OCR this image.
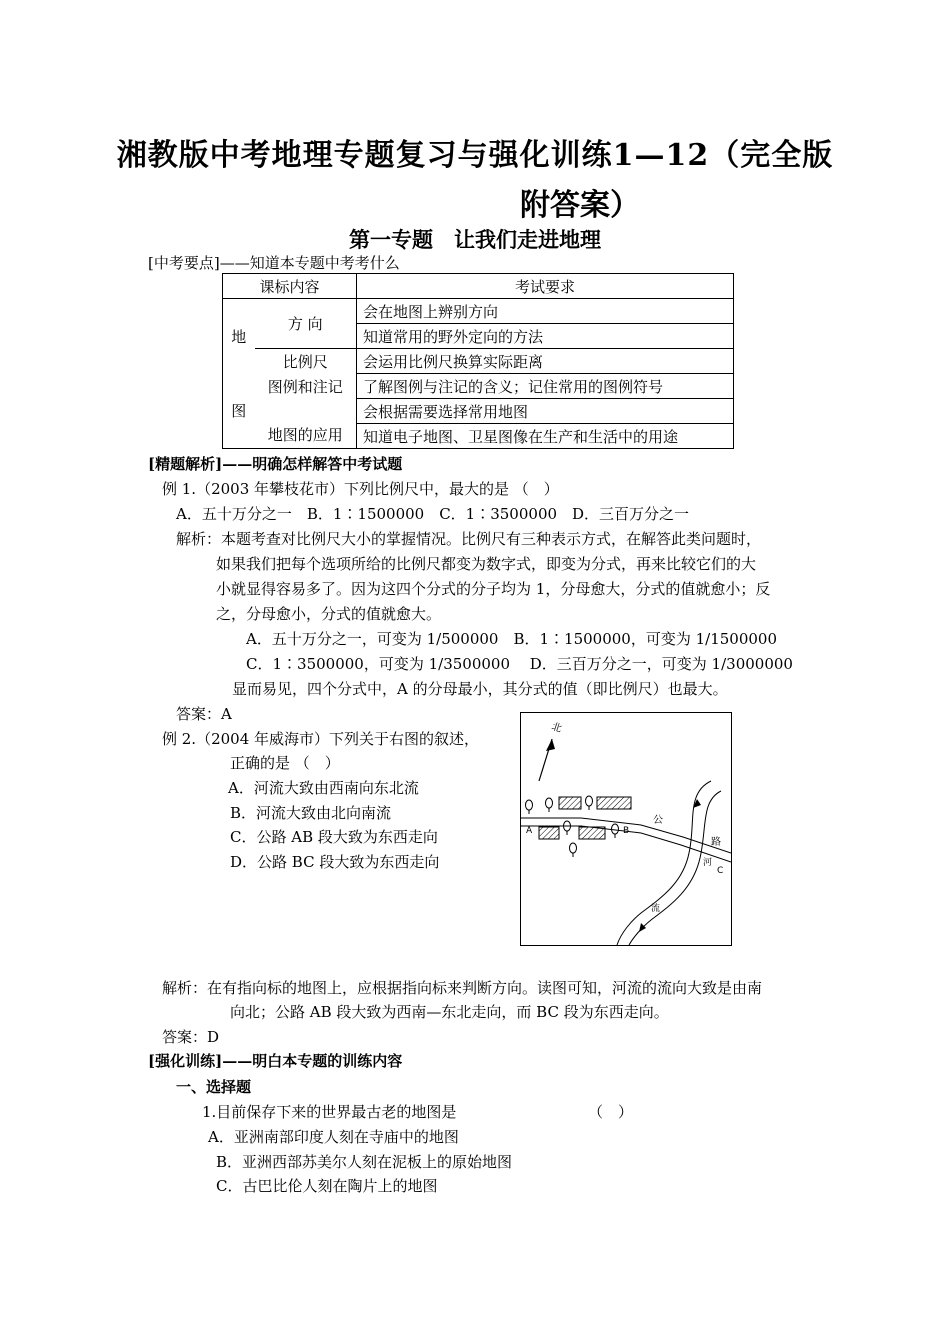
湘教版中考地理专题复习与强化训练1—12（完全版
附答案）
第一专题　让我们走进地理
[中考要点]——知道本专题中考考什么
课标内容		考试要求

地
图	方 向	会在地图上辨别方向
		知道常用的野外定向的方法
	比例尺	会运用比例尺换算实际距离
	图例和注记	了解图例与注记的含义；记住常用的图例符号
	地图的应用	会根据需要选择常用地图
		知道电子地图、卫星图像在生产和生活中的用途
[精题解析]——明确怎样解答中考试题
例 1.（2003 年攀枝花市）下列比例尺中，最大的是 （　）
A．五十万分之一　B．1∶1500000　C．1∶3500000　D．三百万分之一
解析：本题考查对比例尺大小的掌握情况。比例尺有三种表示方式，在解答此类问题时，
如果我们把每个选项所给的比例尺都变为数字式，即变为分式，再来比较它们的大
小就显得容易多了。因为这四个分式的分子均为 1，分母愈大，分式的值就愈小；反
之，分母愈小，分式的值就愈大。
A．五十万分之一，可变为 1/500000　B．1∶1500000，可变为 1/1500000
C．1∶3500000，可变为 1/3500000　 D．三百万分之一，可变为 1/3000000
显而易见，四个分式中，A 的分母最小，其分式的值（即比例尺）也最大。
答案：A
例 2.（2004 年威海市）下列关于右图的叙述，
正确的是 （　）
A．河流大致由西南向东北流
B．河流大致由北向南流
C．公路 AB 段大致为东西走向
D．公路 BC 段大致为东西走向
北
A	B
C
公
路
河
流
解析：在有指向标的地图上，应根据指向标来判断方向。读图可知，河流的流向大致是由南
向北；公路 AB 段大致为西南—东北走向，而 BC 段为东西走向。
答案：D
[强化训练]——明白本专题的训练内容
一、选择题
1.目前保存下来的世界最古老的地图是	（　）
A．亚洲南部印度人刻在寺庙中的地图
B．亚洲西部苏美尔人刻在泥板上的原始地图
C．古巴比伦人刻在陶片上的地图
